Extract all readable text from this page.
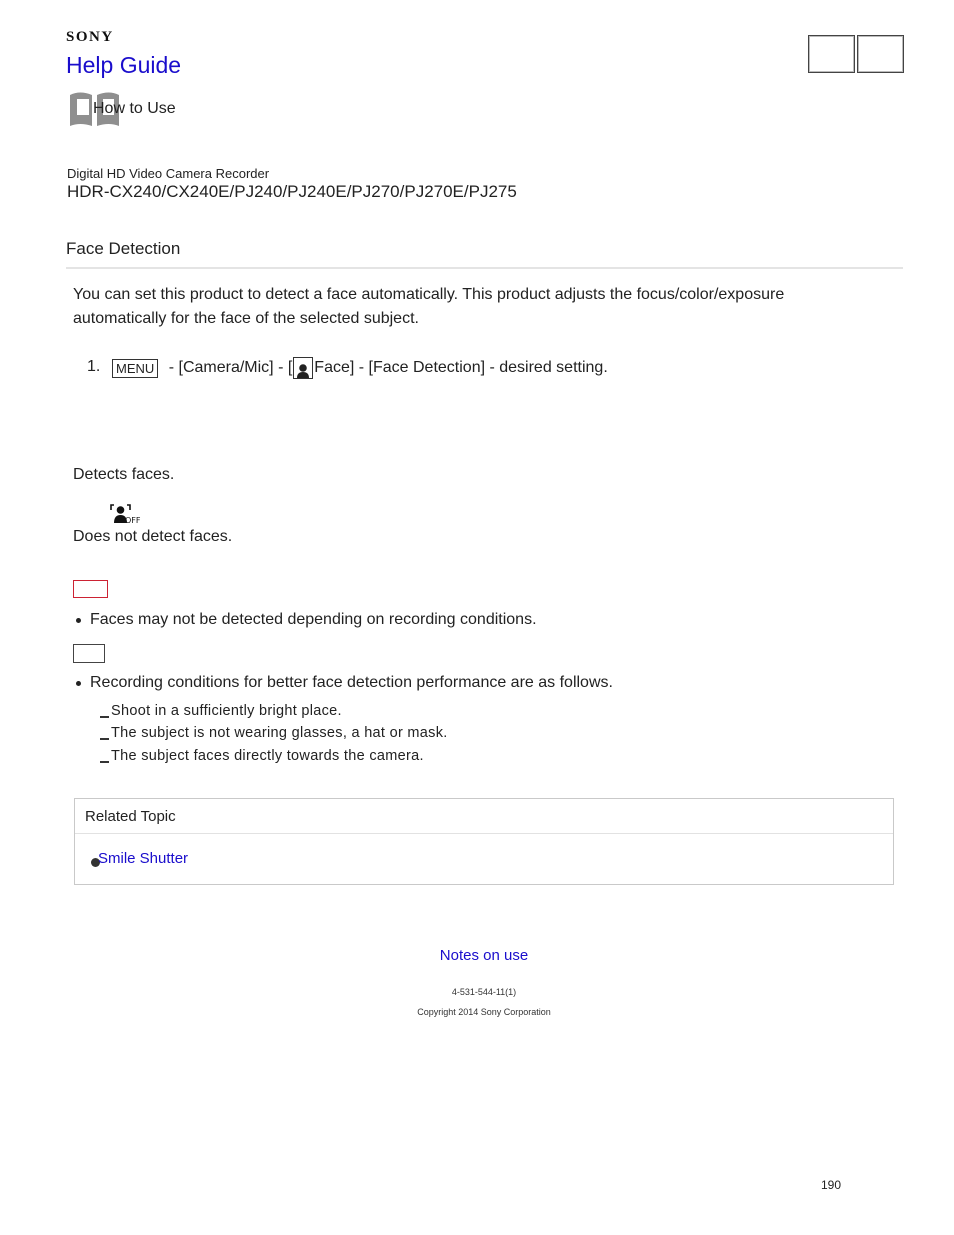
SONY
Help Guide
How to Use
Digital HD Video Camera Recorder
HDR-CX240/CX240E/PJ240/PJ240E/PJ270/PJ270E/PJ275
Face Detection
You can set this product to detect a face automatically. This product adjusts the focus/color/exposure automatically for the face of the selected subject.
1.	MENU - [Camera/Mic] - [ Face] - [Face Detection] - desired setting.
Detects faces.
OFF
Does not detect faces.
Faces may not be detected depending on recording conditions.
Recording conditions for better face detection performance are as follows.
Shoot in a sufficiently bright place.
The subject is not wearing glasses, a hat or mask.
The subject faces directly towards the camera.
Related Topic
Smile Shutter
Notes on use
4-531-544-11(1)
Copyright 2014 Sony Corporation
190
